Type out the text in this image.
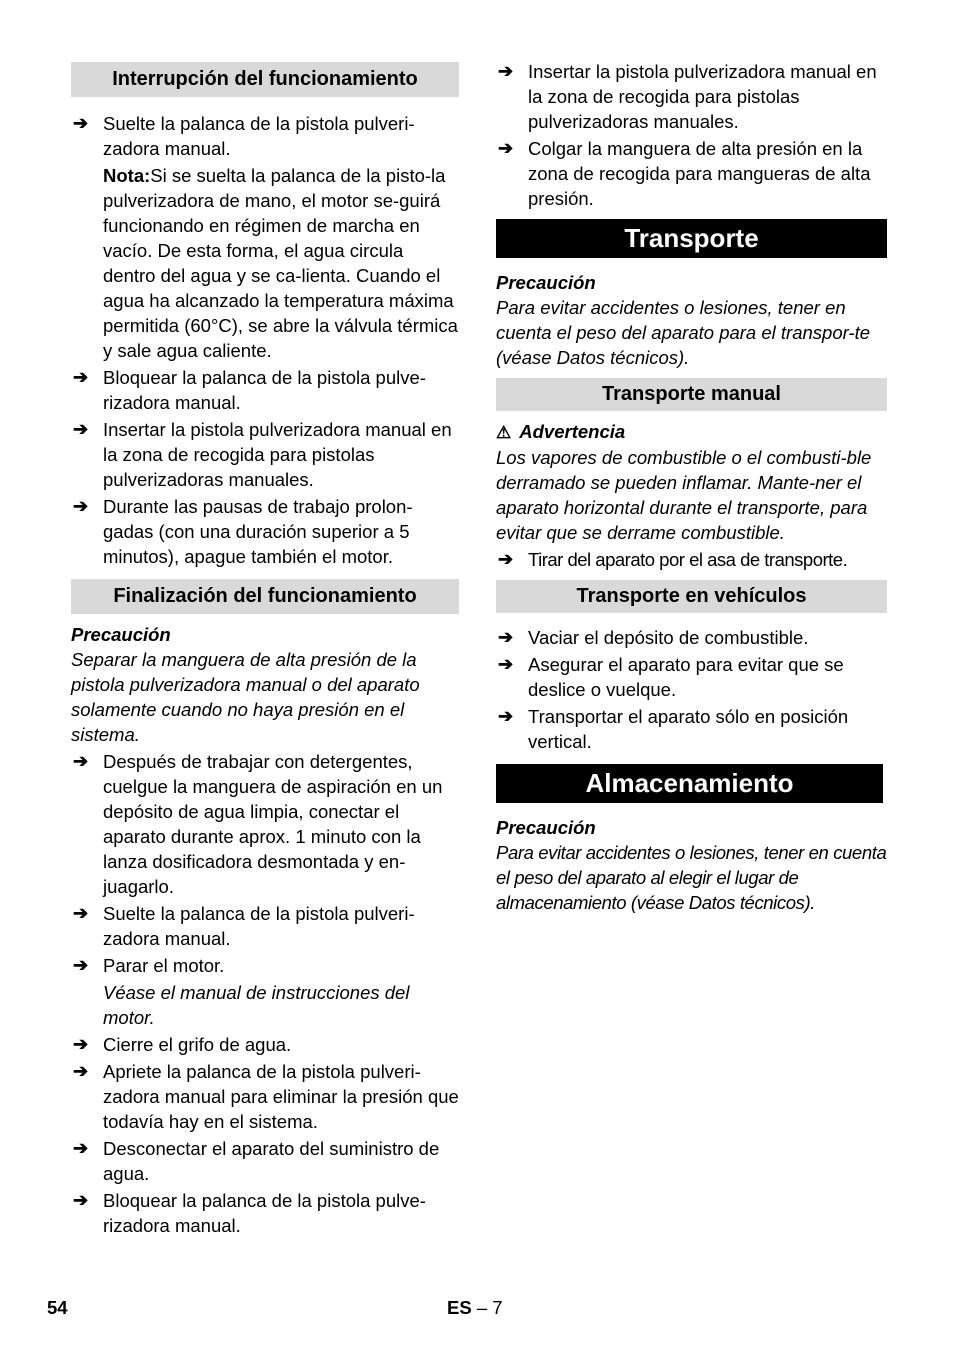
Interrupción del funcionamiento
➔ Suelte la palanca de la pistola pulveri-zadora manual.
Nota:Si se suelta la palanca de la pisto-la pulverizadora de mano, el motor se-guirá funcionando en régimen de marcha en vacío. De esta forma, el agua circula dentro del agua y se ca-lienta. Cuando el agua ha alcanzado la temperatura máxima permitida (60°C), se abre la válvula térmica y sale agua caliente.
➔ Bloquear la palanca de la pistola pulve-rizadora manual.
➔ Insertar la pistola pulverizadora manual en la zona de recogida para pistolas pulverizadoras manuales.
➔ Durante las pausas de trabajo prolon-gadas (con una duración superior a 5 minutos), apague también el motor.
Finalización del funcionamiento
Precaución
Separar la manguera de alta presión de la pistola pulverizadora manual o del aparato solamente cuando no haya presión en el sistema.
➔ Después de trabajar con detergentes, cuelgue la manguera de aspiración en un depósito de agua limpia, conectar el aparato durante aprox. 1 minuto con la lanza dosificadora desmontada y en-juagarlo.
➔ Suelte la palanca de la pistola pulveri-zadora manual.
➔ Parar el motor.
Véase el manual de instrucciones del motor.
➔ Cierre el grifo de agua.
➔ Apriete la palanca de la pistola pulveri-zadora manual para eliminar la presión que todavía hay en el sistema.
➔ Desconectar el aparato del suministro de agua.
➔ Bloquear la palanca de la pistola pulve-rizadora manual.
➔ Insertar la pistola pulverizadora manual en la zona de recogida para pistolas pulverizadoras manuales.
➔ Colgar la manguera de alta presión en la zona de recogida para mangueras de alta presión.
Transporte
Precaución
Para evitar accidentes o lesiones, tener en cuenta el peso del aparato para el transpor-te (véase Datos técnicos).
Transporte manual
⚠ Advertencia
Los vapores de combustible o el combusti-ble derramado se pueden inflamar. Mante-ner el aparato horizontal durante el transporte, para evitar que se derrame combustible.
➔ Tirar del aparato por el asa de transporte.
Transporte en vehículos
➔ Vaciar el depósito de combustible.
➔ Asegurar el aparato para evitar que se deslice o vuelque.
➔ Transportar el aparato sólo en posición vertical.
Almacenamiento
Precaución
Para evitar accidentes o lesiones, tener en cuenta el peso del aparato al elegir el lugar de almacenamiento (véase Datos técnicos).
54	ES – 7
